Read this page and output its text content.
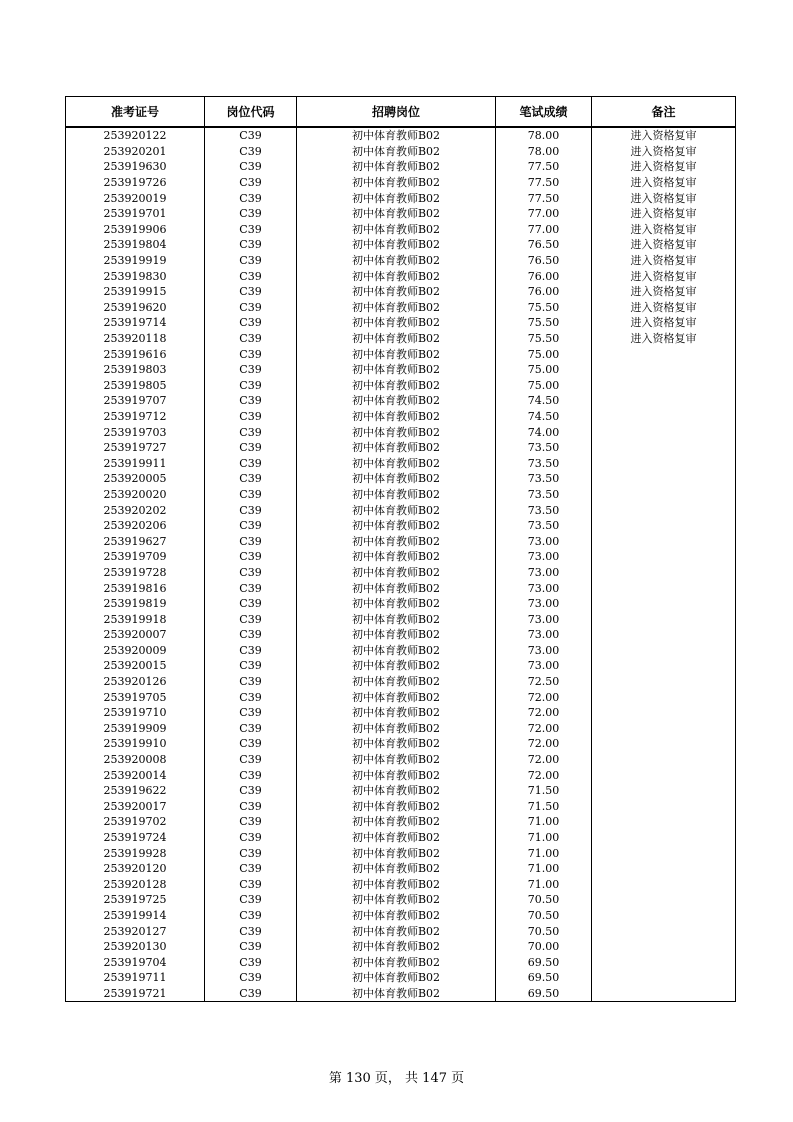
准考证号	岗位代码	招聘岗位	笔试成绩	备注
253920122	C39	初中体育教师B02	78.00	进入资格复审
253920201	C39	初中体育教师B02	78.00	进入资格复审
253919630	C39	初中体育教师B02	77.50	进入资格复审
253919726	C39	初中体育教师B02	77.50	进入资格复审
253920019	C39	初中体育教师B02	77.50	进入资格复审
253919701	C39	初中体育教师B02	77.00	进入资格复审
253919906	C39	初中体育教师B02	77.00	进入资格复审
253919804	C39	初中体育教师B02	76.50	进入资格复审
253919919	C39	初中体育教师B02	76.50	进入资格复审
253919830	C39	初中体育教师B02	76.00	进入资格复审
253919915	C39	初中体育教师B02	76.00	进入资格复审
253919620	C39	初中体育教师B02	75.50	进入资格复审
253919714	C39	初中体育教师B02	75.50	进入资格复审
253920118	C39	初中体育教师B02	75.50	进入资格复审
253919616	C39	初中体育教师B02	75.00	
253919803	C39	初中体育教师B02	75.00	
253919805	C39	初中体育教师B02	75.00	
253919707	C39	初中体育教师B02	74.50	
253919712	C39	初中体育教师B02	74.50	
253919703	C39	初中体育教师B02	74.00	
253919727	C39	初中体育教师B02	73.50	
253919911	C39	初中体育教师B02	73.50	
253920005	C39	初中体育教师B02	73.50	
253920020	C39	初中体育教师B02	73.50	
253920202	C39	初中体育教师B02	73.50	
253920206	C39	初中体育教师B02	73.50	
253919627	C39	初中体育教师B02	73.00	
253919709	C39	初中体育教师B02	73.00	
253919728	C39	初中体育教师B02	73.00	
253919816	C39	初中体育教师B02	73.00	
253919819	C39	初中体育教师B02	73.00	
253919918	C39	初中体育教师B02	73.00	
253920007	C39	初中体育教师B02	73.00	
253920009	C39	初中体育教师B02	73.00	
253920015	C39	初中体育教师B02	73.00	
253920126	C39	初中体育教师B02	72.50	
253919705	C39	初中体育教师B02	72.00	
253919710	C39	初中体育教师B02	72.00	
253919909	C39	初中体育教师B02	72.00	
253919910	C39	初中体育教师B02	72.00	
253920008	C39	初中体育教师B02	72.00	
253920014	C39	初中体育教师B02	72.00	
253919622	C39	初中体育教师B02	71.50	
253920017	C39	初中体育教师B02	71.50	
253919702	C39	初中体育教师B02	71.00	
253919724	C39	初中体育教师B02	71.00	
253919928	C39	初中体育教师B02	71.00	
253920120	C39	初中体育教师B02	71.00	
253920128	C39	初中体育教师B02	71.00	
253919725	C39	初中体育教师B02	70.50	
253919914	C39	初中体育教师B02	70.50	
253920127	C39	初中体育教师B02	70.50	
253920130	C39	初中体育教师B02	70.00	
253919704	C39	初中体育教师B02	69.50	
253919711	C39	初中体育教师B02	69.50	
253919721	C39	初中体育教师B02	69.50	
第 130 页， 共 147 页
